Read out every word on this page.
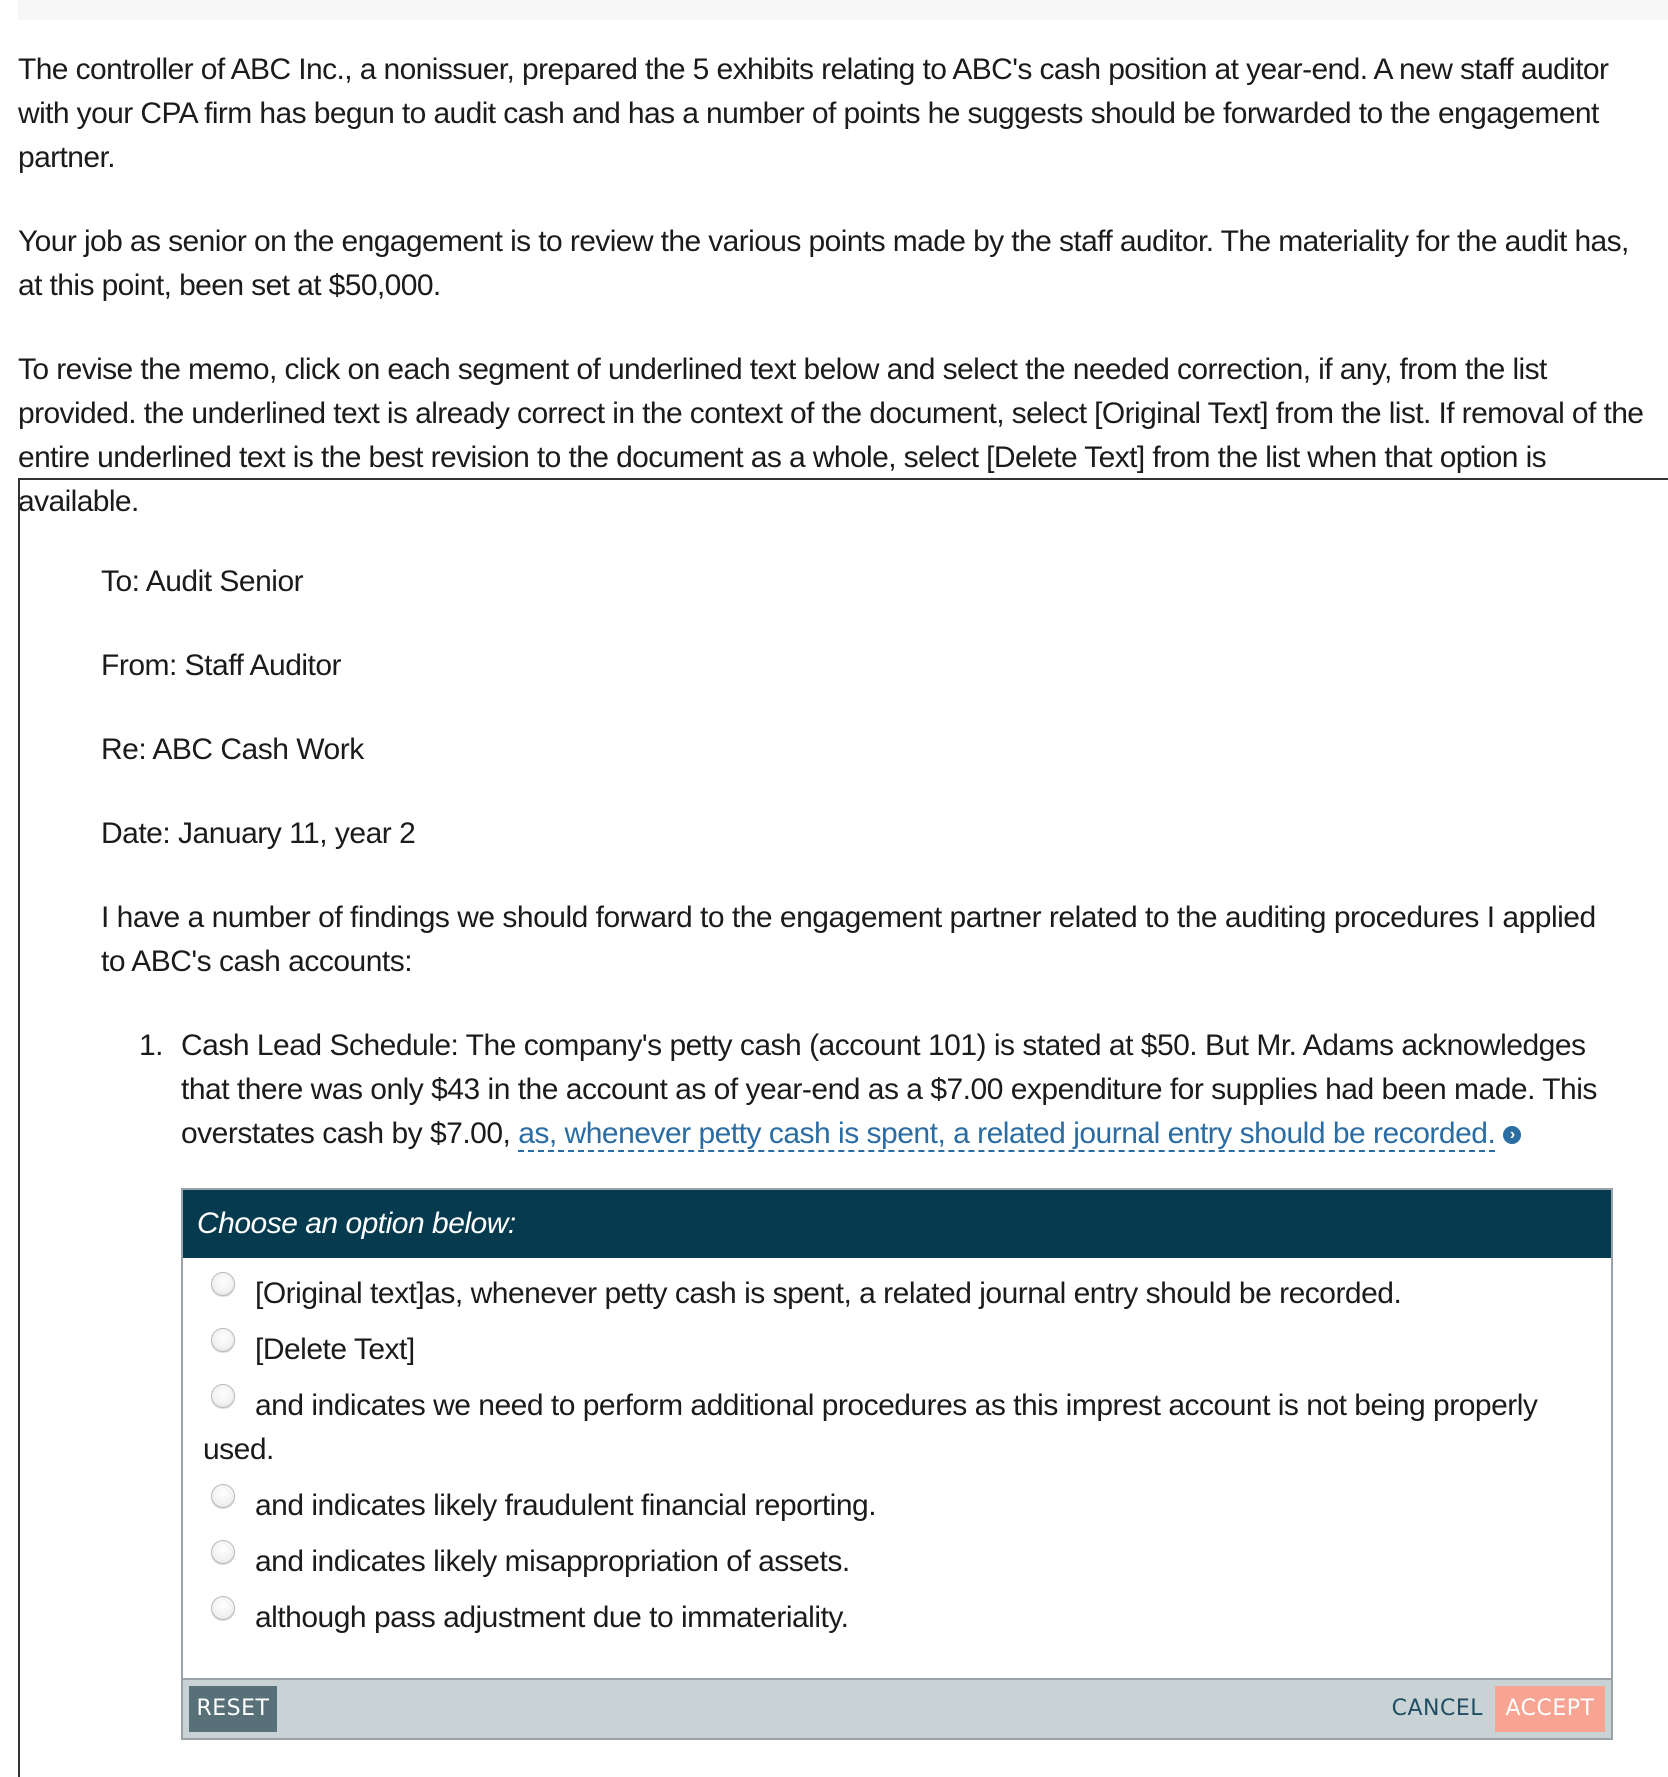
The controller of ABC Inc., a nonissuer, prepared the 5 exhibits relating to ABC's cash position at year-end. A new staff auditor with your CPA firm has begun to audit cash and has a number of points he suggests should be forwarded to the engagement partner.

Your job as senior on the engagement is to review the various points made by the staff auditor. The materiality for the audit has, at this point, been set at $50,000.

To revise the memo, click on each segment of underlined text below and select the needed correction, if any, from the list provided. the underlined text is already correct in the context of the document, select [Original Text] from the list. If removal of the entire underlined text is the best revision to the document as a whole, select [Delete Text] from the list when that option is available.

To: Audit Senior
From: Staff Auditor
Re: ABC Cash Work
Date: January 11, year 2
I have a number of findings we should forward to the engagement partner related to the auditing procedures I applied to ABC's cash accounts:
1. Cash Lead Schedule: The company's petty cash (account 101) is stated at $50. But Mr. Adams acknowledges that there was only $43 in the account as of year-end as a $7.00 expenditure for supplies had been made. This overstates cash by $7.00, as, whenever petty cash is spent, a related journal entry should be recorded. ›
Choose an option below:
[Original text]as, whenever petty cash is spent, a related journal entry should be recorded.
[Delete Text]
and indicates we need to perform additional procedures as this imprest account is not being properly used.
and indicates likely fraudulent financial reporting.
and indicates likely misappropriation of assets.
although pass adjustment due to immateriality.
RESET	CANCEL	ACCEPT
